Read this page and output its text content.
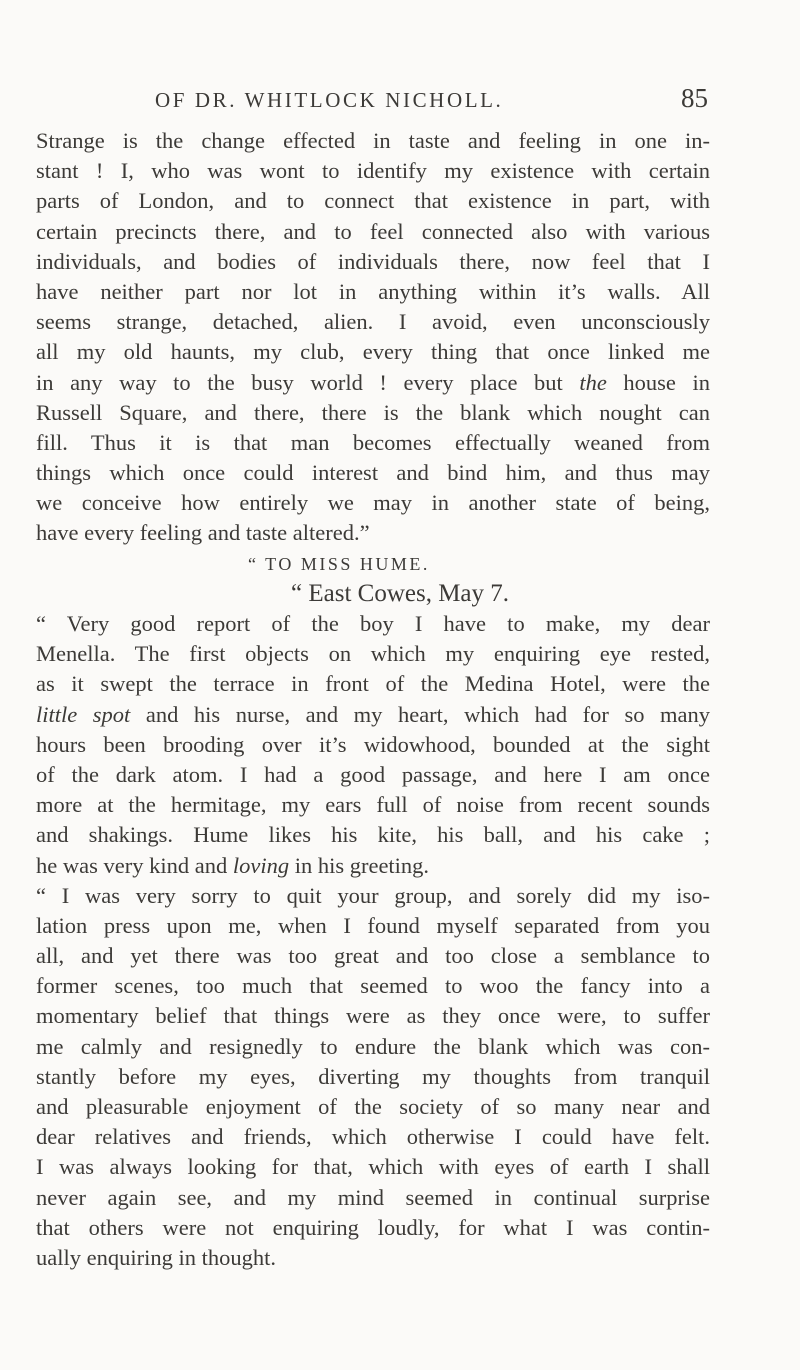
OF DR. WHITLOCK NICHOLL.	85
Strange is the change effected in taste and feeling in one in-
stant ! I, who was wont to identify my existence with certain
parts of London, and to connect that existence in part, with
certain precincts there, and to feel connected also with various
individuals, and bodies of individuals there, now feel that I
have neither part nor lot in anything within it’s walls. All
seems strange, detached, alien. I avoid, even unconsciously
all my old haunts, my club, every thing that once linked me
in any way to the busy world ! every place but the house in
Russell Square, and there, there is the blank which nought can
fill. Thus it is that man becomes effectually weaned from
things which once could interest and bind him, and thus may
we conceive how entirely we may in another state of being,
have every feeling and taste altered.”
“ TO MISS HUME.
“ East Cowes, May 7.
“ Very good report of the boy I have to make, my dear
Menella. The first objects on which my enquiring eye rested,
as it swept the terrace in front of the Medina Hotel, were the
little spot and his nurse, and my heart, which had for so many
hours been brooding over it’s widowhood, bounded at the sight
of the dark atom. I had a good passage, and here I am once
more at the hermitage, my ears full of noise from recent sounds
and shakings. Hume likes his kite, his ball, and his cake ;
he was very kind and loving in his greeting.
“ I was very sorry to quit your group, and sorely did my iso-
lation press upon me, when I found myself separated from you
all, and yet there was too great and too close a semblance to
former scenes, too much that seemed to woo the fancy into a
momentary belief that things were as they once were, to suffer
me calmly and resignedly to endure the blank which was con-
stantly before my eyes, diverting my thoughts from tranquil
and pleasurable enjoyment of the society of so many near and
dear relatives and friends, which otherwise I could have felt.
I was always looking for that, which with eyes of earth I shall
never again see, and my mind seemed in continual surprise
that others were not enquiring loudly, for what I was contin-
ually enquiring in thought.
